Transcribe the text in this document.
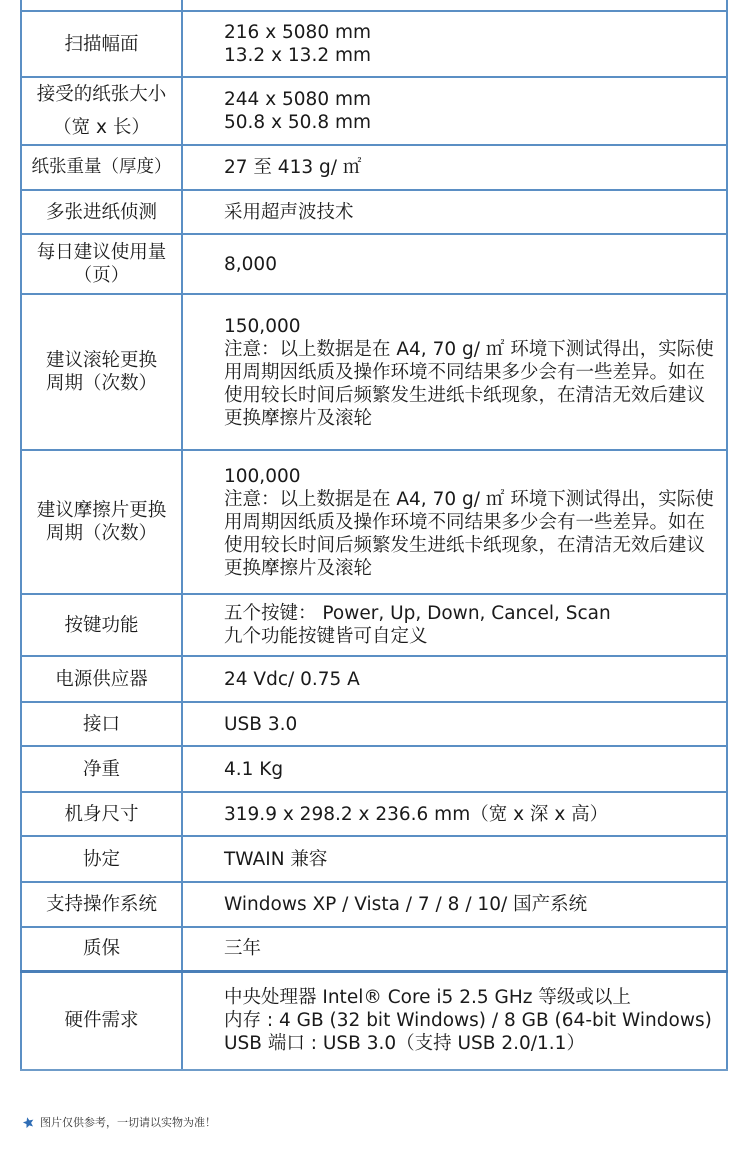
扫描幅面	216 x 5080 mm
13.2 x 13.2 mm

接受的纸张大小
（宽 x 长）	244 x 5080 mm
50.8 x 50.8 mm

纸张重量（厚度）	27 至 413 g/ ㎡

多张进纸侦测	采用超声波技术

每日建议使用量
（页）	8,000

建议滚轮更换
周期（次数）	150,000
注意：以上数据是在 A4, 70 g/ ㎡ 环境下测试得出，实际使用周期因纸质及操作环境不同结果多少会有一些差异。如在使用较长时间后频繁发生进纸卡纸现象，在清洁无效后建议更换摩擦片及滚轮

建议摩擦片更换
周期（次数）	100,000
注意：以上数据是在 A4, 70 g/ ㎡ 环境下测试得出，实际使用周期因纸质及操作环境不同结果多少会有一些差异。如在使用较长时间后频繁发生进纸卡纸现象，在清洁无效后建议更换摩擦片及滚轮

按键功能	五个按键： Power, Up, Down, Cancel, Scan
九个功能按键皆可自定义

电源供应器	24 Vdc/ 0.75 A

接口	USB 3.0

净重	4.1 Kg

机身尺寸	319.9 x 298.2 x 236.6 mm（宽 x 深 x 高）

协定	TWAIN 兼容

支持操作系统	Windows XP / Vista / 7 / 8 / 10/ 国产系统

质保	三年

硬件需求	中央处理器 Intel® Core i5 2.5 GHz 等级或以上
内存 : 4 GB (32 bit Windows) / 8 GB (64-bit Windows)
USB 端口 : USB 3.0（支持 USB 2.0/1.1）
图片仅供参考，一切请以实物为准！
